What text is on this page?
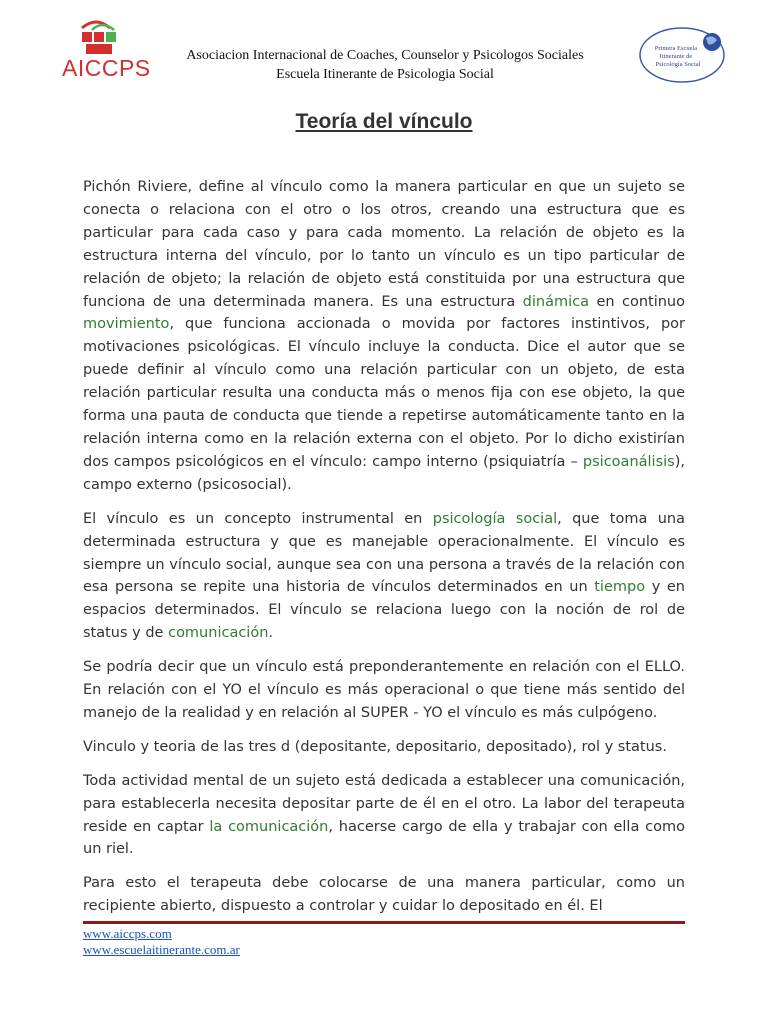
AICCPS	Asociacion Internacional de Coaches, Counselor y Psicologos Sociales
Escuela Itinerante de Psicologia Social
Primera Escuela
Itinerante de
Psicología Social
Teoría del vínculo

Pichón Riviere, define al vínculo como la manera particular en que un sujeto se conecta o relaciona con el otro o los otros, creando una estructura que es particular para cada caso y para cada momento. La relación de objeto es la estructura interna del vínculo, por lo tanto un vínculo es un tipo particular de relación de objeto; la relación de objeto está constituida por una estructura que funciona de una determinada manera. Es una estructura dinámica en continuo movimiento, que funciona accionada o movida por factores instintivos, por motivaciones psicológicas. El vínculo incluye la conducta. Dice el autor que se puede definir al vínculo como una relación particular con un objeto, de esta relación particular resulta una conducta más o menos fija con ese objeto, la que forma una pauta de conducta que tiende a repetirse automáticamente tanto en la relación interna como en la relación externa con el objeto. Por lo dicho existirían dos campos psicológicos en el vínculo: campo interno (psiquiatría – psicoanálisis), campo externo (psicosocial).

El vínculo es un concepto instrumental en psicología social, que toma una determinada estructura y que es manejable operacionalmente. El vínculo es siempre un vínculo social, aunque sea con una persona a través de la relación con esa persona se repite una historia de vínculos determinados en un tiempo y en espacios determinados. El vínculo se relaciona luego con la noción de rol de status y de comunicación.

Se podría decir que un vínculo está preponderantemente en relación con el ELLO. En relación con el YO el vínculo es más operacional o que tiene más sentido del manejo de la realidad y en relación al SUPER - YO el vínculo es más culpógeno.

Vinculo y teoria de las tres d (depositante, depositario, depositado), rol y status.

Toda actividad mental de un sujeto está dedicada a establecer una comunicación, para establecerla necesita depositar parte de él en el otro. La labor del terapeuta reside en captar la comunicación, hacerse cargo de ella y trabajar con ella como un riel.

Para esto el terapeuta debe colocarse de una manera particular, como un recipiente abierto, dispuesto a controlar y cuidar lo depositado en él. El

www.aiccps.com
www.escuelaitinerante.com.ar
